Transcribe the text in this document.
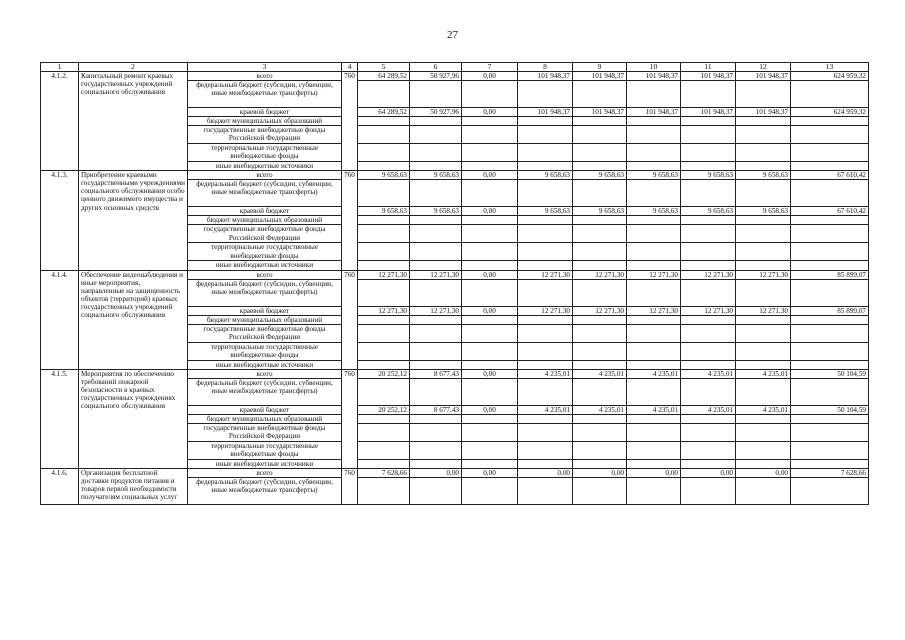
27
1	2	3	4	5	6	7	8	9	10	11	12	13
4.1.2.	Капитальный ремонт краевых государственных учреждений социального обслуживания	всего	760	64 289,52	50 927,96	0,00	101 948,37	101 948,37	101 948,37	101 948,37	101 948,37	624 959,32
		федеральный бюджет (субсидии, субвенции, иные межбюджетные трансферты)										
		краевой бюджет		64 289,52	50 927,96	0,00	101 948,37	101 948,37	101 948,37	101 948,37	101 948,37	624 959,32
		бюджет муниципальных образований										
		государственные внебюджетные фонды Российской Федерации										
		территориальные государственные внебюджетные фонды										
		иные внебюджетные источники										
4.1.3.	Приобретение краевыми государственными учреждениями социального обслуживания особо ценного движимого имущества и других основных средств	всего	760	9 658,63	9 658,63	0,00	9 658,63	9 658,63	9 658,63	9 658,63	9 658,63	67 610,42
		федеральный бюджет (субсидии, субвенции, иные межбюджетные трансферты)										
		краевой бюджет		9 658,63	9 658,63	0,00	9 658,63	9 658,63	9 658,63	9 658,63	9 658,63	67 610,42
		бюджет муниципальных образований										
		государственные внебюджетные фонды Российской Федерации										
		территориальные государственные внебюджетные фонды										
		иные внебюджетные источники										
4.1.4.	Обеспечение видеонаблюдения и иные мероприятия, направленные на защищенность объектов (территорий) краевых государственных учреждений социального обслуживания	всего	760	12 271,30	12 271,30	0,00	12 271,30	12 271,30	12 271,30	12 271,30	12 271,30	85 899,07
		федеральный бюджет (субсидии, субвенции, иные межбюджетные трансферты)										
		краевой бюджет		12 271,30	12 271,30	0,00	12 271,30	12 271,30	12 271,30	12 271,30	12 271,30	85 899,07
		бюджет муниципальных образований										
		государственные внебюджетные фонды Российской Федерации										
		территориальные государственные внебюджетные фонды										
		иные внебюджетные источники										
4.1.5.	Мероприятия по обеспечению требований пожарной безопасности в краевых государственных учреждениях социального обслуживания	всего	760	20 252,12	8 677,43	0,00	4 235,01	4 235,01	4 235,01	4 235,01	4 235,01	50 104,59
		федеральный бюджет (субсидии, субвенции, иные межбюджетные трансферты)										
		краевой бюджет		20 252,12	8 677,43	0,00	4 235,01	4 235,01	4 235,01	4 235,01	4 235,01	50 104,59
		бюджет муниципальных образований										
		государственные внебюджетные фонды Российской Федерации										
		территориальные государственные внебюджетные фонды										
		иные внебюджетные источники										
4.1.6.	Организация бесплатной доставки продуктов питания и товаров первой необходимости получателям социальных услуг	всего	760	7 628,66	0,00	0,00	0,00	0,00	0,00	0,00	0,00	7 628,66
		федеральный бюджет (субсидии, субвенции, иные межбюджетные трансферты)										
